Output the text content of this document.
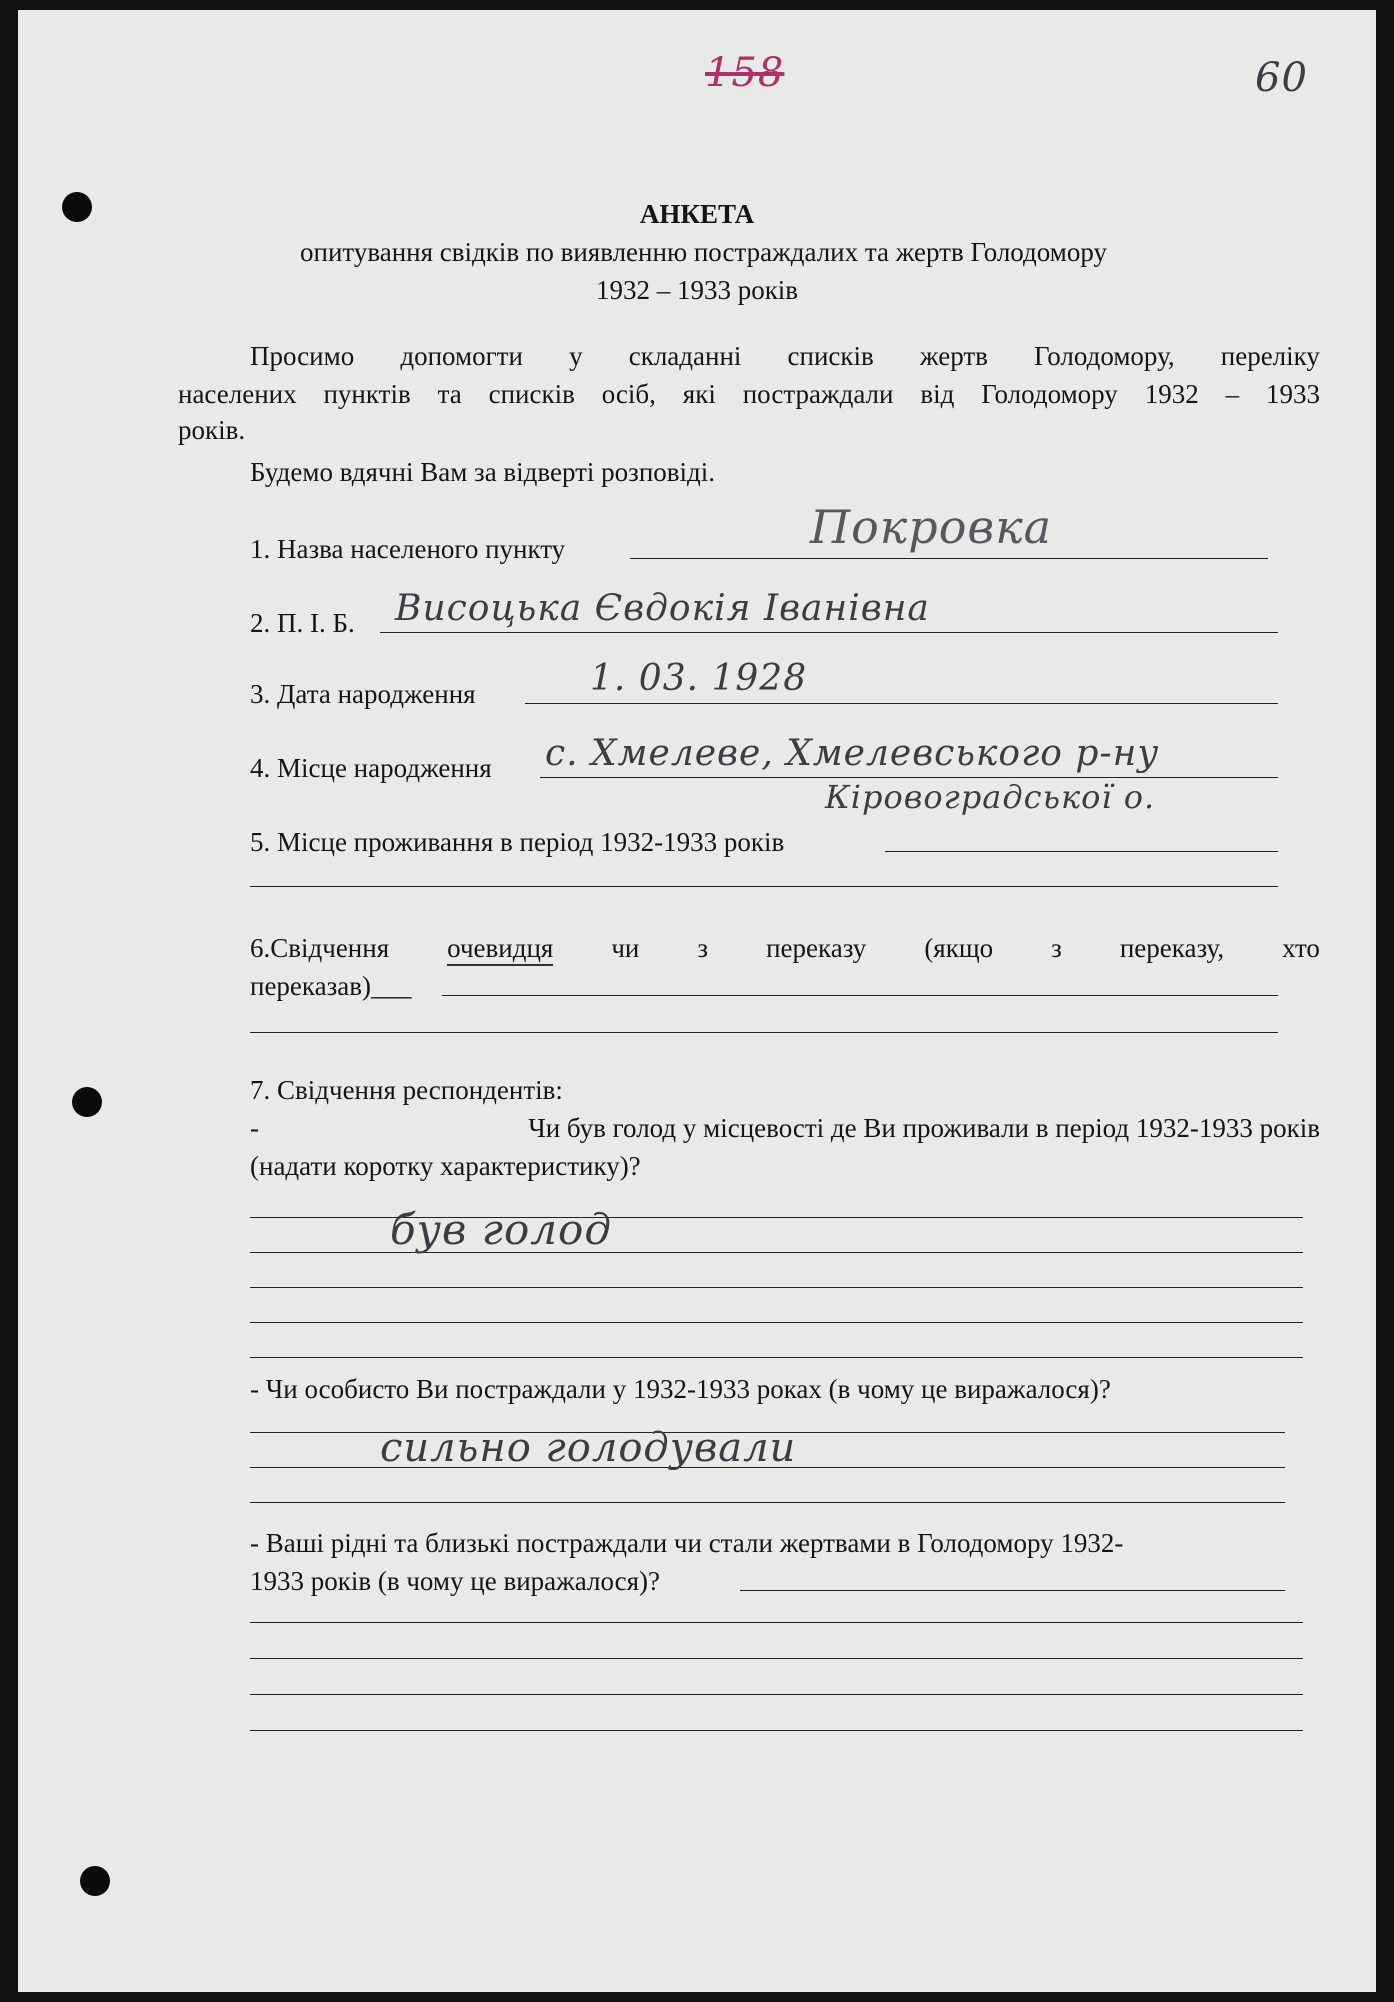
158	60
АНКЕТА
опитування свідків по виявленню постраждалих та жертв Голодомору
1932 – 1933 років
Просимо допомогти у складанні списків жертв Голодомору, переліку
населених пунктів та списків осіб, які постраждали від Голодомору 1932 – 1933
років.
Будемо вдячні Вам за відверті розповіді.
1. Назва населеного пункту	Покровка
2. П. І. Б. Висоцька Євдокія Іванівна
3. Дата народження	1. 03. 1928
4. Місце народження с. Хмелеве, Хмелевського р-ну
Кіровоградської о.
5. Місце проживання в період 1932-1933 років
6.Свідчення очевидця чи з переказу (якщо з переказу, хто
переказав)___
7. Свідчення респондентів:
-	Чи був голод у місцевості де Ви проживали в період 1932-1933 років
(надати коротку характеристику)?
був голод
- Чи особисто Ви постраждали у 1932-1933 роках (в чому це виражалося)?
сильно голодували
- Ваші рідні та близькі постраждали чи стали жертвами в Голодомору 1932-
1933 років (в чому це виражалося)?
